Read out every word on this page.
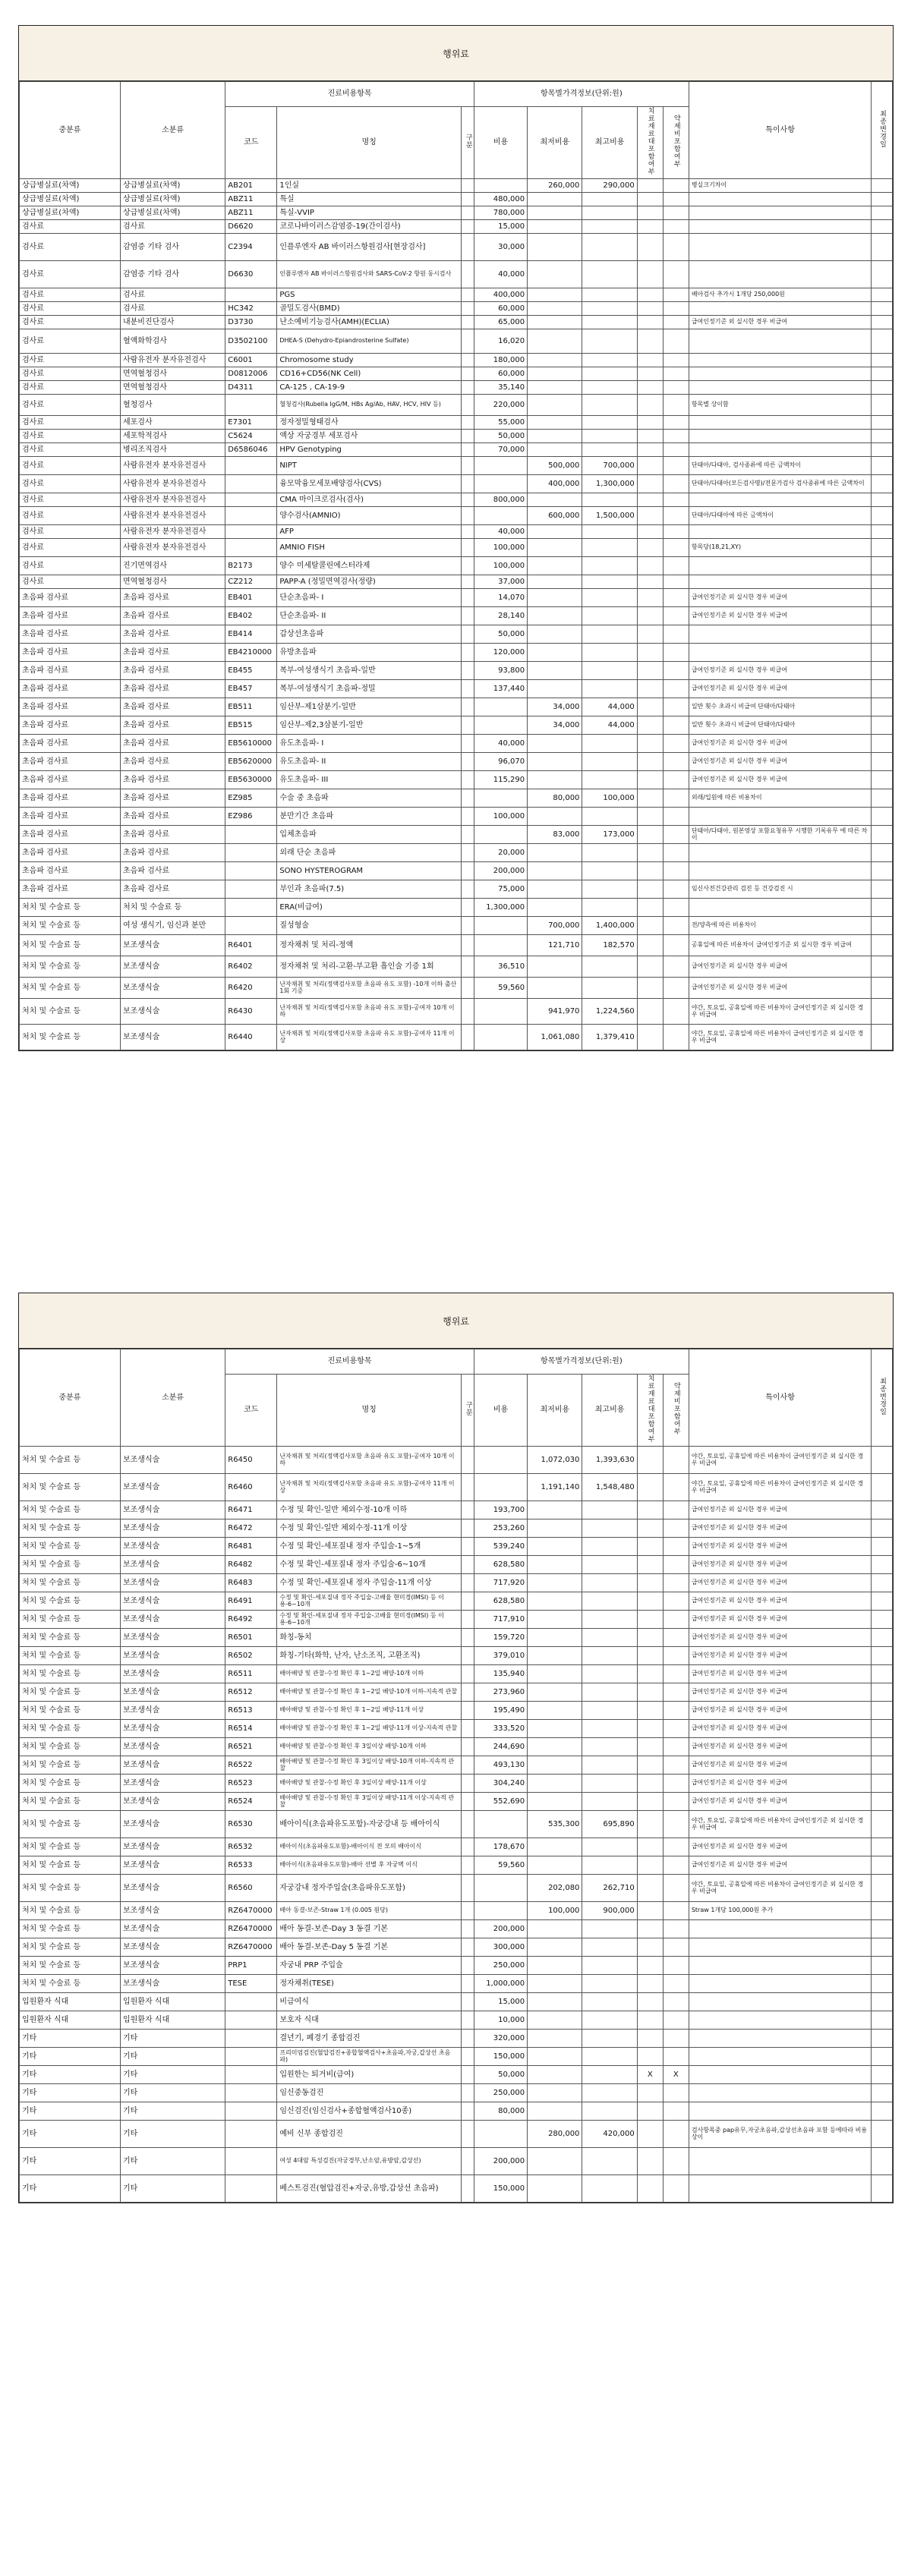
행위료
중분류	소분류	진료비용항목			항목별가격정보(단위:원)					특이사항	최종변경일
		코드	명칭	구분	비용	최저비용	최고비용	치료재료대포함여부	약제비포함여부		
상급병실료(차액)	상급병실료(차액)	AB201	1인실			260,000	290,000			병실크기차이	
상급병실료(차액)	상급병실료(차액)	ABZ11	특실		480,000						
상급병실료(차액)	상급병실료(차액)	ABZ11	특실-VVIP		780,000						
검사료	검사료	D6620	코로나바이러스감염증-19(간이검사)		15,000						
검사료	감염증 기타 검사	C2394	인플루엔자 AB 바이러스항원검사[현장검사]		30,000						
검사료	감염증 기타 검사	D6630	인플루엔자 AB 바이러스항원검사와 SARS-CoV-2 항원 동시검사		40,000						
검사료	검사료		PGS		400,000					배아검사 추가시 1개당 250,000원	
검사료	검사료	HC342	골밀도검사(BMD)		60,000						
검사료	내분비진단검사	D3730	난소예비기능검사(AMH)(ECLIA)		65,000					급여인정기준 외 실시한 경우 비급여	
검사료	혈액화학검사	D3502100	DHEA-S (Dehydro-Epiandrosterine Sulfate)		16,020						
검사료	사람유전자 분자유전검사	C6001	Chromosome study		180,000						
검사료	면역혈청검사	D0812006	CD16+CD56(NK Cell)		60,000						
검사료	면역혈청검사	D4311	CA-125 , CA-19-9		35,140						
검사료	혈청검사		혈청검사(Rubella IgG/M, HBs Ag/Ab, HAV, HCV, HIV 등)		220,000					항목별 상이함	
검사료	세포검사	E7301	정자정밀형태검사		55,000						
검사료	세포학적검사	C5624	액상 자궁경부 세포검사		50,000						
검사료	병리조직검사	D6586046	HPV Genotyping		70,000						
검사료	사람유전자 분자유전검사		NIPT			500,000	700,000			단태아/다태아, 검사종류에 따른 금액차이	
검사료	사람유전자 분자유전검사		융모막융모세포배양검사(CVS)			400,000	1,300,000			단태아/다태아(모든검사명)/전문가검사 검사종류에 따른 금액차이	
검사료	사람유전자 분자유전검사		CMA 마이크로검사(검사)		800,000						
검사료	사람유전자 분자유전검사		양수검사(AMNIO)			600,000	1,500,000			단태아/다태아에 따른 금액차이	
검사료	사람유전자 분자유전검사		AFP		40,000						
검사료	사람유전자 분자유전검사		AMNIO FISH		100,000					항목당(18,21,XY)	
검사료	진기면역검사	B2173	양수 미세탈콜린에스터라제		100,000						
검사료	면역혈청검사	CZ212	PAPP-A (정밀면역검사(정량)		37,000						
초음파 검사료	초음파 검사료	EB401	단순초음파- I		14,070					급여인정기준 외 실시한 경우 비급여	
초음파 검사료	초음파 검사료	EB402	단순초음파- II		28,140					급여인정기준 외 실시한 경우 비급여	
초음파 검사료	초음파 검사료	EB414	갑상선초음파		50,000						
초음파 검사료	초음파 검사료	EB4210000	유방초음파		120,000						
초음파 검사료	초음파 검사료	EB455	복부-여성생식기 초음파-일반		93,800					급여인정기준 외 실시한 경우 비급여	
초음파 검사료	초음파 검사료	EB457	복부-여성생식기 초음파-정밀		137,440					급여인정기준 외 실시한 경우 비급여	
초음파 검사료	초음파 검사료	EB511	임산부-제1삼분기-일반			34,000	44,000			일반 횟수 초과시 비급여 단태아/다태아	
초음파 검사료	초음파 검사료	EB515	임산부-제2,3삼분기-일반			34,000	44,000			일반 횟수 초과시 비급여 단태아/다태아	
초음파 검사료	초음파 검사료	EB5610000	유도초음파- I		40,000					급여인정기준 외 실시한 경우 비급여	
초음파 검사료	초음파 검사료	EB5620000	유도초음파- II		96,070					급여인정기준 외 실시한 경우 비급여	
초음파 검사료	초음파 검사료	EB5630000	유도초음파- III		115,290					급여인정기준 외 실시한 경우 비급여	
초음파 검사료	초음파 검사료	EZ985	수술 중 초음파			80,000	100,000			외래/입원에 따른 비용차이	
초음파 검사료	초음파 검사료	EZ986	분만기간 초음파		100,000						
초음파 검사료	초음파 검사료		입체초음파			83,000	173,000			단태아/다태아, 원본영상 포함요청유무 시행한 기록유무 에 따른 차이	
초음파 검사료	초음파 검사료		외래 단순 초음파		20,000						
초음파 검사료	초음파 검사료		SONO HYSTEROGRAM		200,000						
초음파 검사료	초음파 검사료		부인과 초음파(7.5)		75,000					임신사전건강관리 검진 등 건강검진 시	
처치 및 수술료 등	처치 및 수술료 등		ERA(비급여)		1,300,000						
처치 및 수술료 등	여성 생식기, 임신과 분만		질성형술			700,000	1,400,000			전/양측에 따른 비용차이	
처치 및 수술료 등	보조생식술	R6401	정자채취 및 처리-정액			121,710	182,570			공휴일에 따른 비용차이 급여인정기준 외 실시한 경우 비급여	
처치 및 수술료 등	보조생식술	R6402	정자채취 및 처리-고환-부고환 흡인술 기증 1회		36,510					급여인정기준 외 실시한 경우 비급여	
처치 및 수술료 등	보조생식술	R6420	난자채취 및 처리(정액검사포함 초음파 유도 포함) -10개 이하 출산 1회 기증		59,560					급여인정기준 외 실시한 경우 비급여	
처치 및 수술료 등	보조생식술	R6430	난자채취 및 처리(정액검사포함 초음파 유도 포함)-공여자 10개 이하			941,970	1,224,560			야간, 토요일, 공휴일에 따른 비용차이 급여인정기준 외 실시한 경우 비급여	
처치 및 수술료 등	보조생식술	R6440	난자채취 및 처리(정액검사포함 초음파 유도 포함)-공여자 11개 이상			1,061,080	1,379,410			야간, 토요일, 공휴일에 따른 비용차이 급여인정기준 외 실시한 경우 비급여	
행위료
중분류	소분류	진료비용항목			항목별가격정보(단위:원)					특이사항	최종변경일
		코드	명칭	구분	비용	최저비용	최고비용	치료재료대포함여부	약제비포함여부		
처치 및 수술료 등	보조생식술	R6450	난자채취 및 처리(정액검사포함 초음파 유도 포함)-공여자 10개 이하			1,072,030	1,393,630			야간, 토요일, 공휴일에 따른 비용차이 급여인정기준 외 실시한 경우 비급여	
처치 및 수술료 등	보조생식술	R6460	난자채취 및 처리(정액검사포함 초음파 유도 포함)-공여자 11개 이상			1,191,140	1,548,480			야간, 토요일, 공휴일에 따른 비용차이 급여인정기준 외 실시한 경우 비급여	
처치 및 수술료 등	보조생식술	R6471	수정 및 확인-일반 체외수정-10개 이하		193,700					급여인정기준 외 실시한 경우 비급여	
처치 및 수술료 등	보조생식술	R6472	수정 및 확인-일반 체외수정-11개 이상		253,260					급여인정기준 외 실시한 경우 비급여	
처치 및 수술료 등	보조생식술	R6481	수정 및 확인-세포질내 정자 주입술-1~5개		539,240					급여인정기준 외 실시한 경우 비급여	
처치 및 수술료 등	보조생식술	R6482	수정 및 확인-세포질내 정자 주입술-6~10개		628,580					급여인정기준 외 실시한 경우 비급여	
처치 및 수술료 등	보조생식술	R6483	수정 및 확인-세포질내 정자 주입술-11개 이상		717,920					급여인정기준 외 실시한 경우 비급여	
처치 및 수술료 등	보조생식술	R6491	수정 및 확인-세포질내 정자 주입술-고배율 현미경(IMSI) 등 이용-6~10개		628,580					급여인정기준 외 실시한 경우 비급여	
처치 및 수술료 등	보조생식술	R6492	수정 및 확인-세포질내 정자 주입술-고배율 현미경(IMSI) 등 이용-6~10개		717,910					급여인정기준 외 실시한 경우 비급여	
처치 및 수술료 등	보조생식술	R6501	화칭-동치		159,720					급여인정기준 외 실시한 경우 비급여	
처치 및 수술료 등	보조생식술	R6502	화칭-기타(화학, 난자, 난소조직, 고환조직)		379,010					급여인정기준 외 실시한 경우 비급여	
처치 및 수술료 등	보조생식술	R6511	배아배양 및 관찰-수정 확인 후 1~2일 배양-10개 이하		135,940					급여인정기준 외 실시한 경우 비급여	
처치 및 수술료 등	보조생식술	R6512	배아배양 및 관찰-수정 확인 후 1~2일 배양-10개 이하-지속적 관찰		273,960					급여인정기준 외 실시한 경우 비급여	
처치 및 수술료 등	보조생식술	R6513	배아배양 및 관찰-수정 확인 후 1~2일 배양-11개 이상		195,490					급여인정기준 외 실시한 경우 비급여	
처치 및 수술료 등	보조생식술	R6514	배아배양 및 관찰-수정 확인 후 1~2일 배양-11개 이상-지속적 관찰		333,520					급여인정기준 외 실시한 경우 비급여	
처치 및 수술료 등	보조생식술	R6521	배아배양 및 관찰-수정 확인 후 3일이상 배양-10개 이하		244,690					급여인정기준 외 실시한 경우 비급여	
처치 및 수술료 등	보조생식술	R6522	배아배양 및 관찰-수정 확인 후 3일이상 배양-10개 이하-지속적 관찰		493,130					급여인정기준 외 실시한 경우 비급여	
처치 및 수술료 등	보조생식술	R6523	배아배양 및 관찰-수정 확인 후 3일이상 배양-11개 이상		304,240					급여인정기준 외 실시한 경우 비급여	
처치 및 수술료 등	보조생식술	R6524	배아배양 및 관찰-수정 확인 후 3일이상 배양-11개 이상-지속적 관찰		552,690					급여인정기준 외 실시한 경우 비급여	
처치 및 수술료 등	보조생식술	R6530	배아이식(초음파유도포함)-자궁강내 등 배아이식			535,300	695,890			야간, 토요일, 공휴일에 따른 비용차이 급여인정기준 외 실시한 경우 비급여	
처치 및 수술료 등	보조생식술	R6532	배아이식(초음파유도포함)-배아이식 전 모의 배아이식		178,670					급여인정기준 외 실시한 경우 비급여	
처치 및 수술료 등	보조생식술	R6533	배아이식(초음파유도포함)-배아 선별 후 자궁벽 이식		59,560					급여인정기준 외 실시한 경우 비급여	
처치 및 수술료 등	보조생식술	R6560	자궁강내 정자주입술(초음파유도포함)			202,080	262,710			야간, 토요일, 공휴일에 따른 비용차이 급여인정기준 외 실시한 경우 비급여	
처치 및 수술료 등	보조생식술	RZ6470000	배아 동결-보존-Straw 1개 (0.005 원당)			100,000	900,000			Straw 1개당 100,000원 추가	
처치 및 수술료 등	보조생식술	RZ6470000	배아 동결-보존-Day 3 동결 기본		200,000						
처치 및 수술료 등	보조생식술	RZ6470000	배아 동결-보존-Day 5 동결 기본		300,000						
처치 및 수술료 등	보조생식술	PRP1	자궁내 PRP 주입술		250,000						
처치 및 수술료 등	보조생식술	TESE	정자채취(TESE)		1,000,000						
입원환자 식대	입원환자 식대		비급여식		15,000						
입원환자 식대	입원환자 식대		보호자 식대		10,000						
기타	기타		결년기, 폐경기 종합검진		320,000						
기타	기타		프리미엄검진(혈압검진+종합혈액검사+초음파,자궁,갑상선 초음파)		150,000						
기타	기타		입원한는 퇴거비(급여)		50,000			X	X		
기타	기타		임신중동검진		250,000						
기타	기타		임신검진(임신검사+종합혈액검사10종)		80,000						
기타	기타		예비 신부 종합검진			280,000	420,000			검사항목중 pap유무,자궁초음파,갑상선초음파 포함 등에따라 비용 상이	
기타	기타		여성 4대암 특성검진(자궁경부,난소암,유방암,갑상선)		200,000						
기타	기타		베스트검진(혈압검진+자궁,유방,갑상선 초음파)		150,000						
